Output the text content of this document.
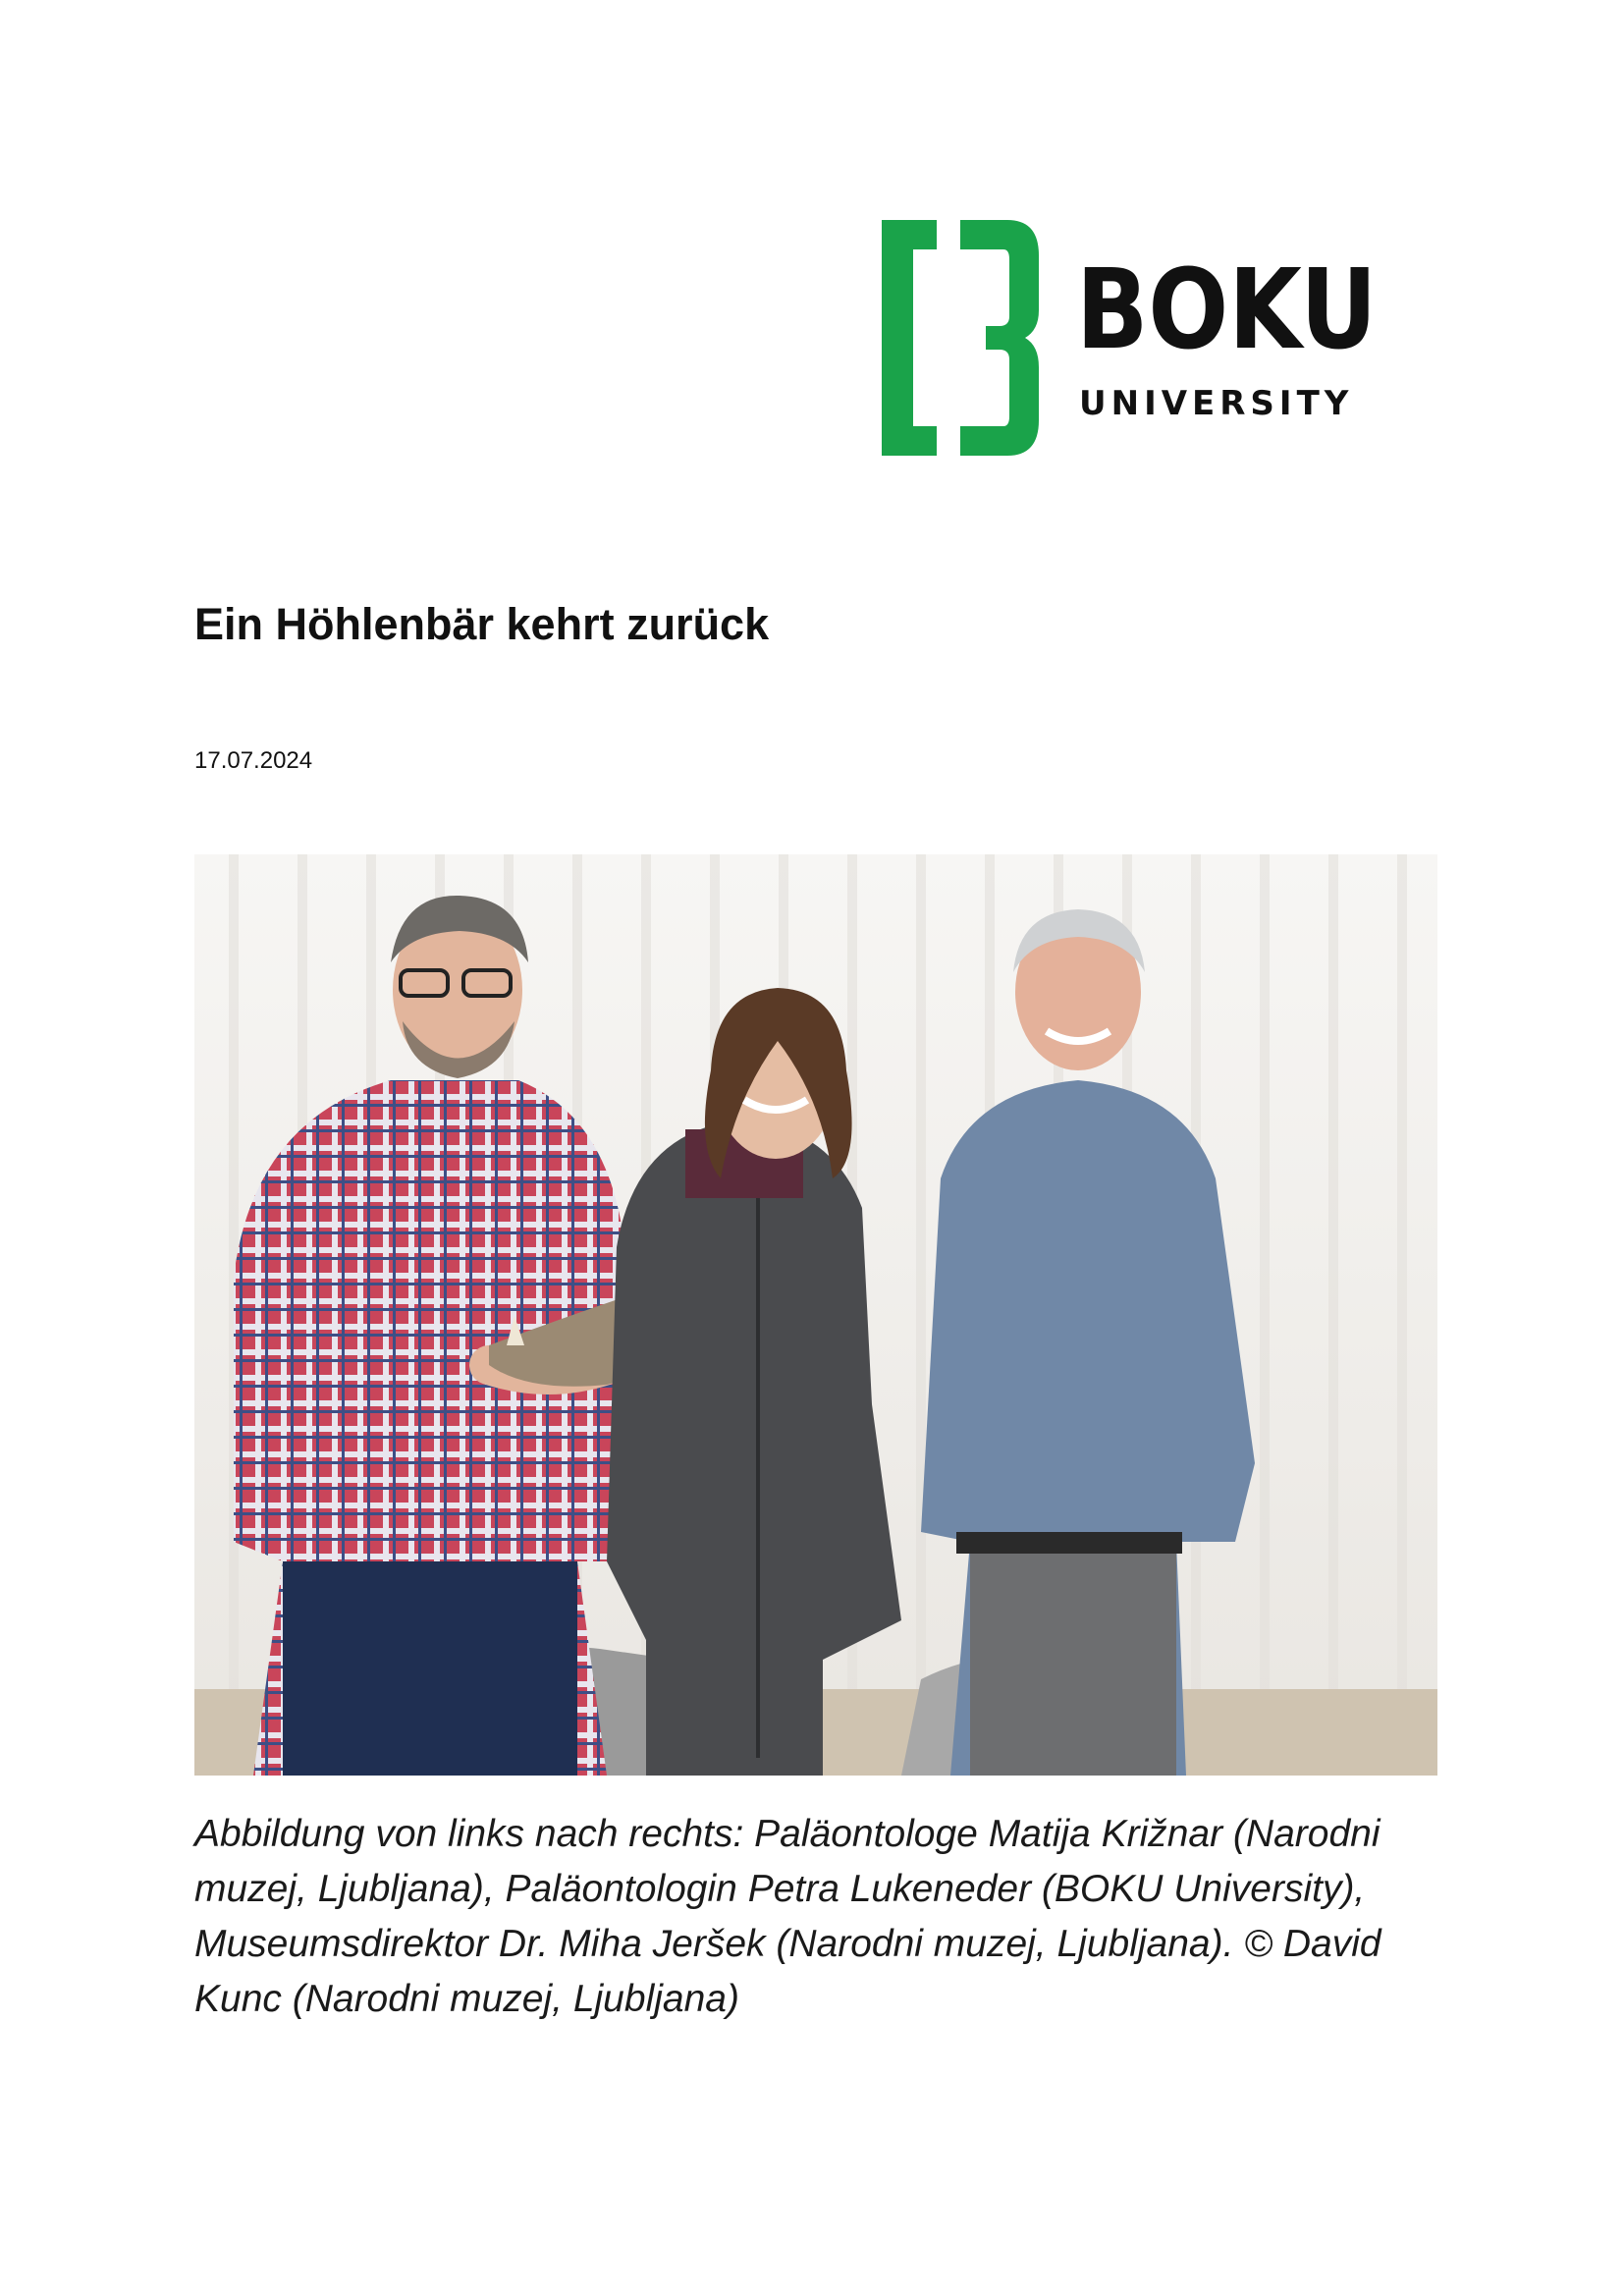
BOKU
UNIVERSITY
Ein Höhlenbär kehrt zurück
17.07.2024

Abbildung von links nach rechts: Paläontologe Matija Križnar (Narodni muzej, Ljubljana), Paläontologin Petra Lukeneder (BOKU University), Museumsdirektor Dr. Miha Jeršek (Narodni muzej, Ljubljana). © David Kunc (Narodni muzej, Ljubljana)
